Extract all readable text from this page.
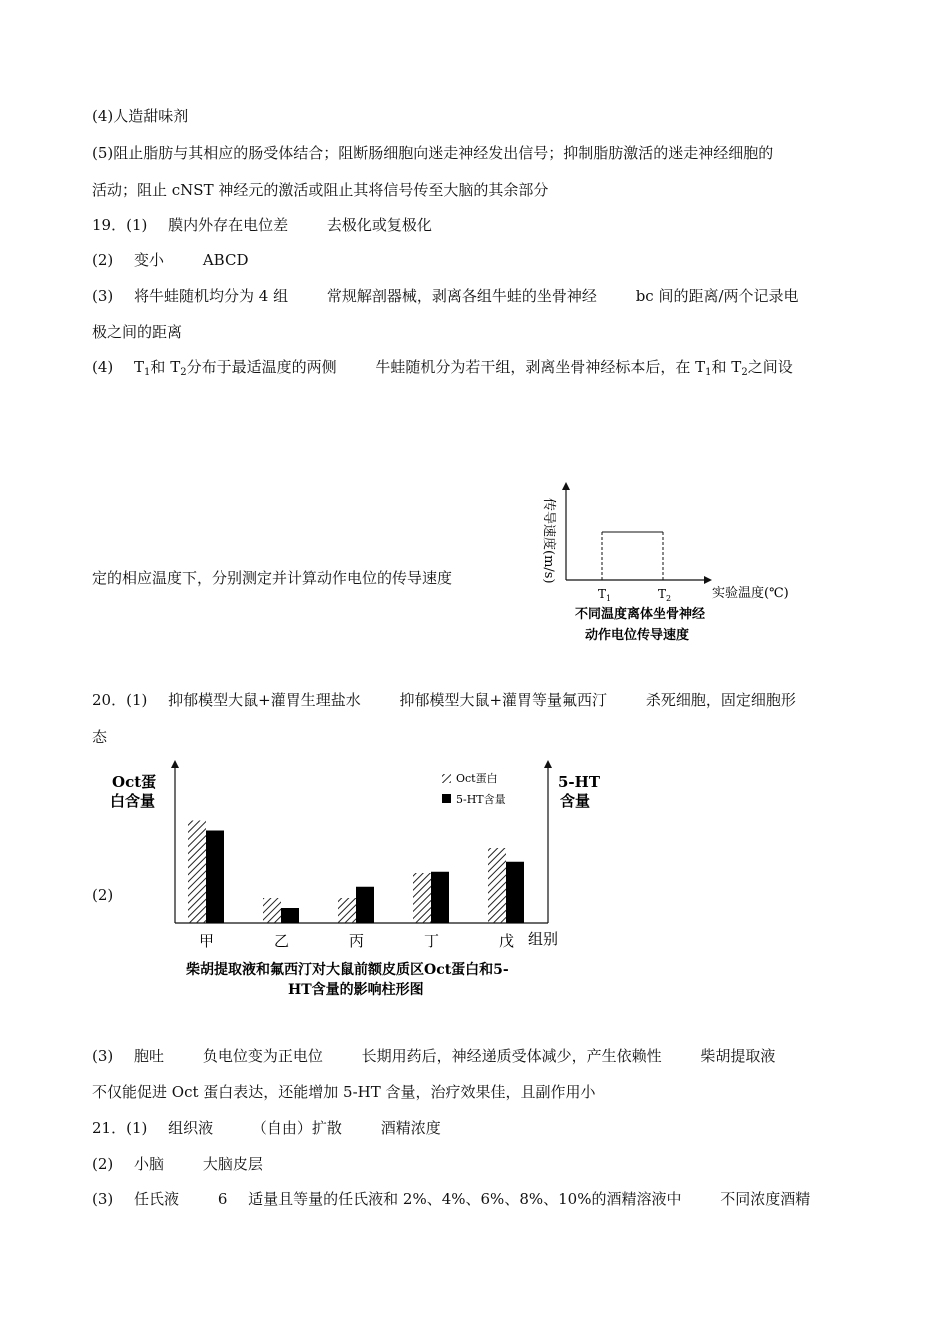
(4)人造甜味剂
(5)阻止脂肪与其相应的肠受体结合；阻断肠细胞向迷走神经发出信号；抑制脂肪激活的迷走神经细胞的
活动；阻止 cNST 神经元的激活或阻止其将信号传至大脑的其余部分
19．(1) 膜内外存在电位差	去极化或复极化
(2) 变小	ABCD
(3) 将牛蛙随机均分为 4 组	常规解剖器械，剥离各组牛蛙的坐骨神经	bc 间的距离/两个记录电
极之间的距离
(4) $T_1$和 $T_2$分布于最适温度的两侧	牛蛙随机分为若干组，剥离坐骨神经标本后，在 $T_1$和 $T_2$之间设
定的相应温度下，分别测定并计算动作电位的传导速度	传导速度(m/s)
$T_1$	$T_2$	实验温度(℃)
不同温度离体坐骨神经
动作电位传导速度
20．(1) 抑郁模型大鼠+灌胃生理盐水	抑郁模型大鼠+灌胃等量氟西汀	杀死细胞，固定细胞形
态
(2)
Oct蛋
白含量
5-HT
含量
Oct蛋白
5-HT含量
甲	乙	丙	丁	戊 组别
柴胡提取液和氟西汀对大鼠前额皮质区Oct蛋白和5-
HT含量的影响柱形图
(3) 胞吐	负电位变为正电位	长期用药后，神经递质受体减少，产生依赖性	柴胡提取液
不仅能促进 Oct 蛋白表达，还能增加 5-HT 含量，治疗效果佳，且副作用小
21．(1) 组织液	（自由）扩散	酒精浓度
(2) 小脑	大脑皮层
(3) 任氏液	6 适量且等量的任氏液和 2%、4%、6%、8%、10%的酒精溶液中	不同浓度酒精
